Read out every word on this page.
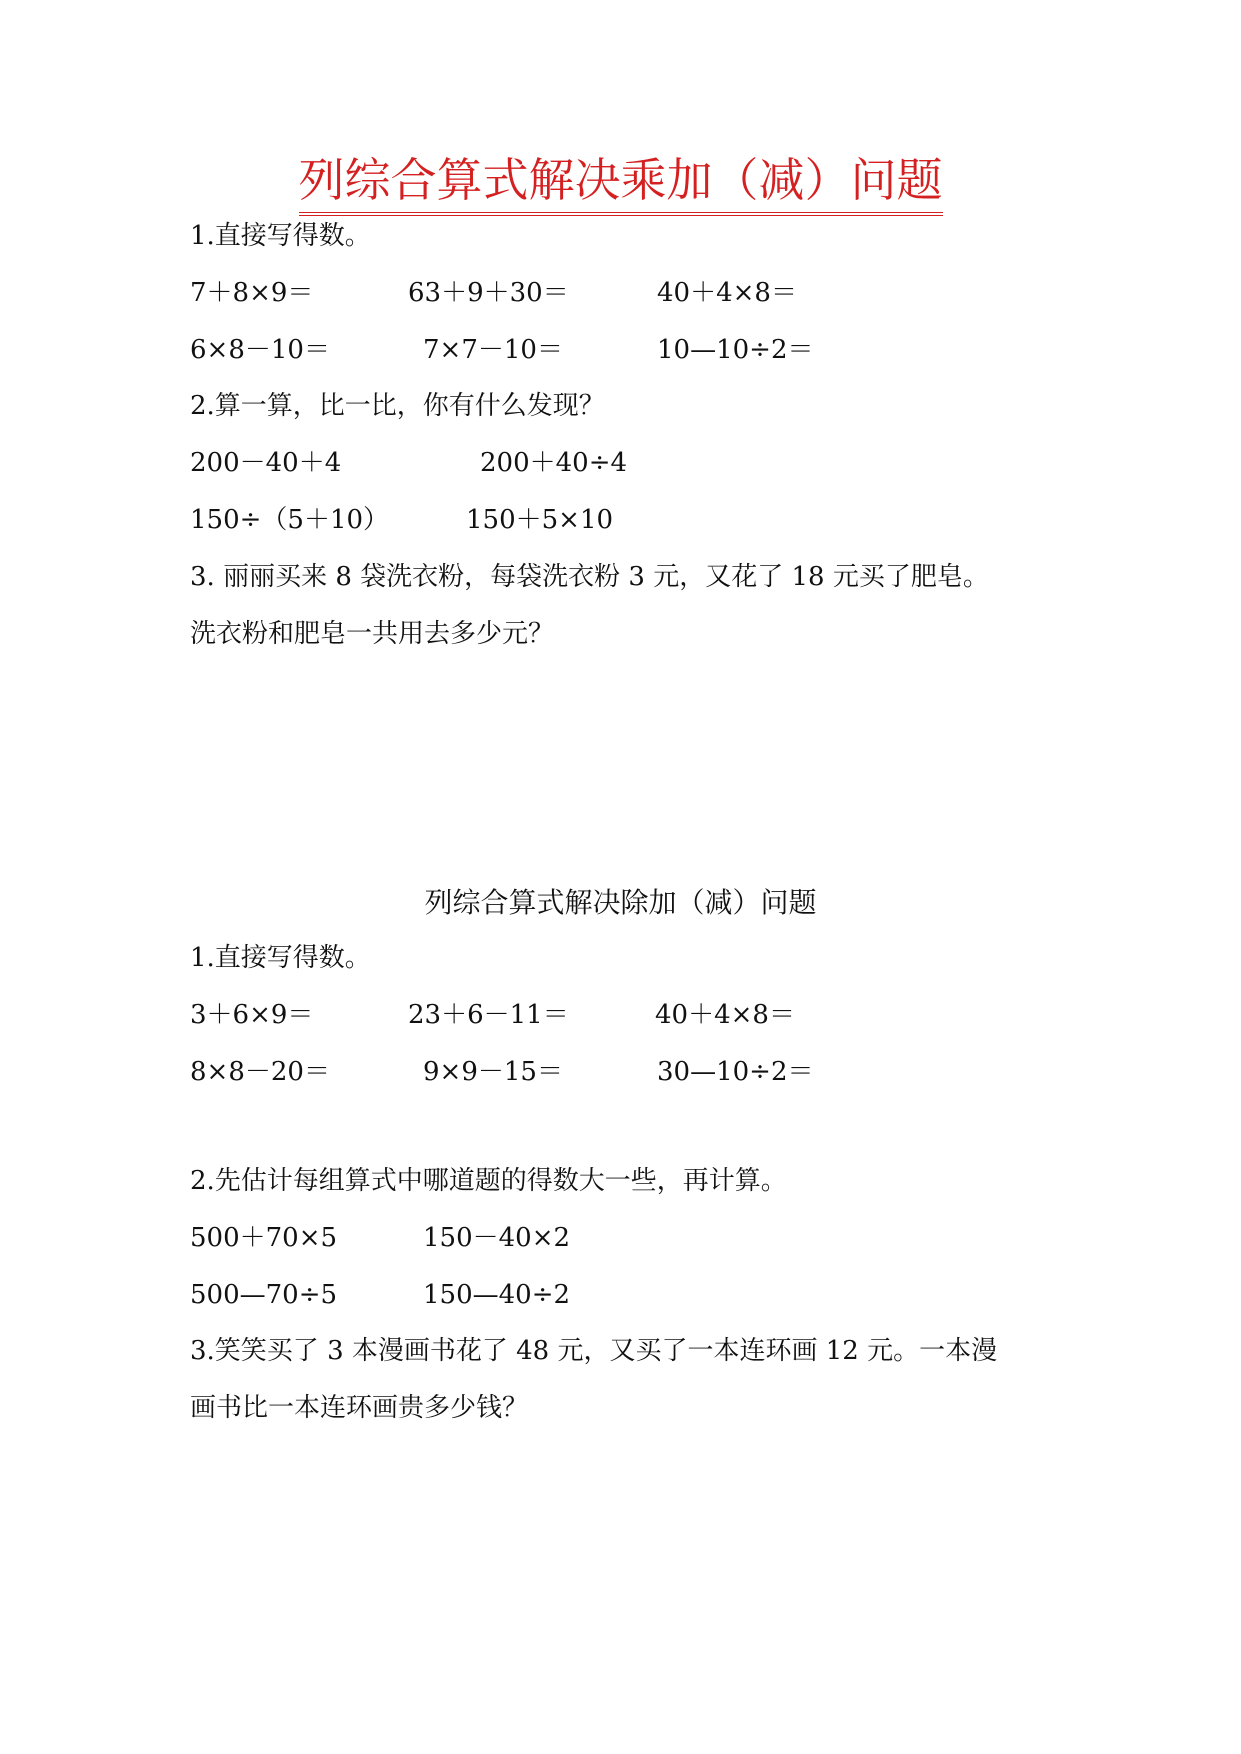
列综合算式解决乘加（减）问题
1.直接写得数。
7＋8×9＝	63＋9＋30＝	40＋4×8＝
6×8－10＝	7×7－10＝	10—10÷2＝
2.算一算，比一比，你有什么发现？
200－40＋4	200＋40÷4
150÷（5＋10）	150＋5×10
3. 丽丽买来 8 袋洗衣粉，每袋洗衣粉 3 元，又花了 18 元买了肥皂。
洗衣粉和肥皂一共用去多少元？
列综合算式解决除加（减）问题
1.直接写得数。
3＋6×9＝	23＋6－11＝	40＋4×8＝
8×8－20＝	9×9－15＝	30—10÷2＝
2.先估计每组算式中哪道题的得数大一些，再计算。
500＋70×5	150－40×2
500—70÷5	150—40÷2
3.笑笑买了 3 本漫画书花了 48 元，又买了一本连环画 12 元。一本漫
画书比一本连环画贵多少钱？
